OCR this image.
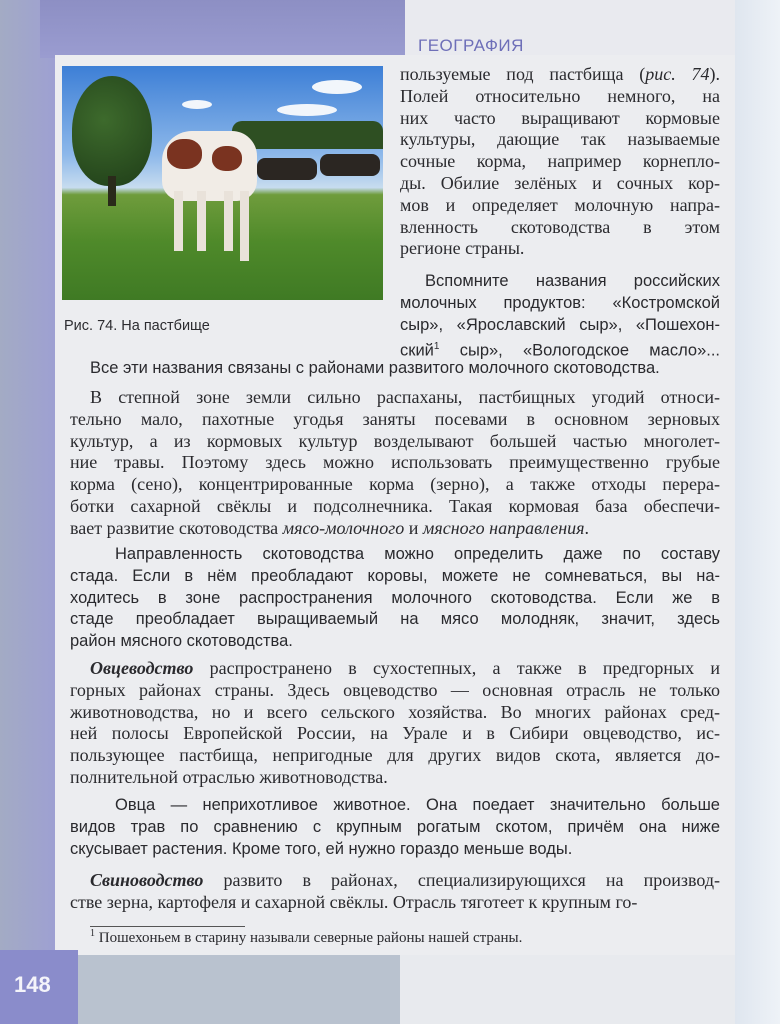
148
ГЕОГРАФИЯ
Рис. 74. На пастбище
пользуемые под пастбища (рис. 74).
Полей относительно немного, на
них часто выращивают кормовые
культуры, дающие так называемые
сочные корма, например корнепло-
ды. Обилие зелёных и сочных кор-
мов и определяет молочную напра-
вленность скотоводства в этом
регионе страны.
Вспомните названия российских
молочных продуктов: «Костромской
сыр», «Ярославский сыр», «Пошехон-
ский$^1$ сыр», «Вологодское масло»...
Все эти названия связаны с районами развитого молочного скотоводства.
В степной зоне земли сильно распаханы, пастбищных угодий относи-
тельно мало, пахотные угодья заняты посевами в основном зерновых
культур, а из кормовых культур возделывают большей частью многолет-
ние травы. Поэтому здесь можно использовать преимущественно грубые
корма (сено), концентрированные корма (зерно), а также отходы перера-
ботки сахарной свёклы и подсолнечника. Такая кормовая база обеспечи-
вает развитие скотоводства мясо-молочного и мясного направления.
Направленность скотоводства можно определить даже по составу
стада. Если в нём преобладают коровы, можете не сомневаться, вы на-
ходитесь в зоне распространения молочного скотоводства. Если же в
стаде преобладает выращиваемый на мясо молодняк, значит, здесь
район мясного скотоводства.
Овцеводство распространено в сухостепных, а также в предгорных и
горных районах страны. Здесь овцеводство — основная отрасль не только
животноводства, но и всего сельского хозяйства. Во многих районах сред-
ней полосы Европейской России, на Урале и в Сибири овцеводство, ис-
пользующее пастбища, непригодные для других видов скота, является до-
полнительной отраслью животноводства.
Овца — неприхотливое животное. Она поедает значительно больше
видов трав по сравнению с крупным рогатым скотом, причём она ниже
скусывает растения. Кроме того, ей нужно гораздо меньше воды.
Свиноводство развито в районах, специализирующихся на производ-
стве зерна, картофеля и сахарной свёклы. Отрасль тяготеет к крупным го-
$^1$ Пошехоньем в старину называли северные районы нашей страны.
